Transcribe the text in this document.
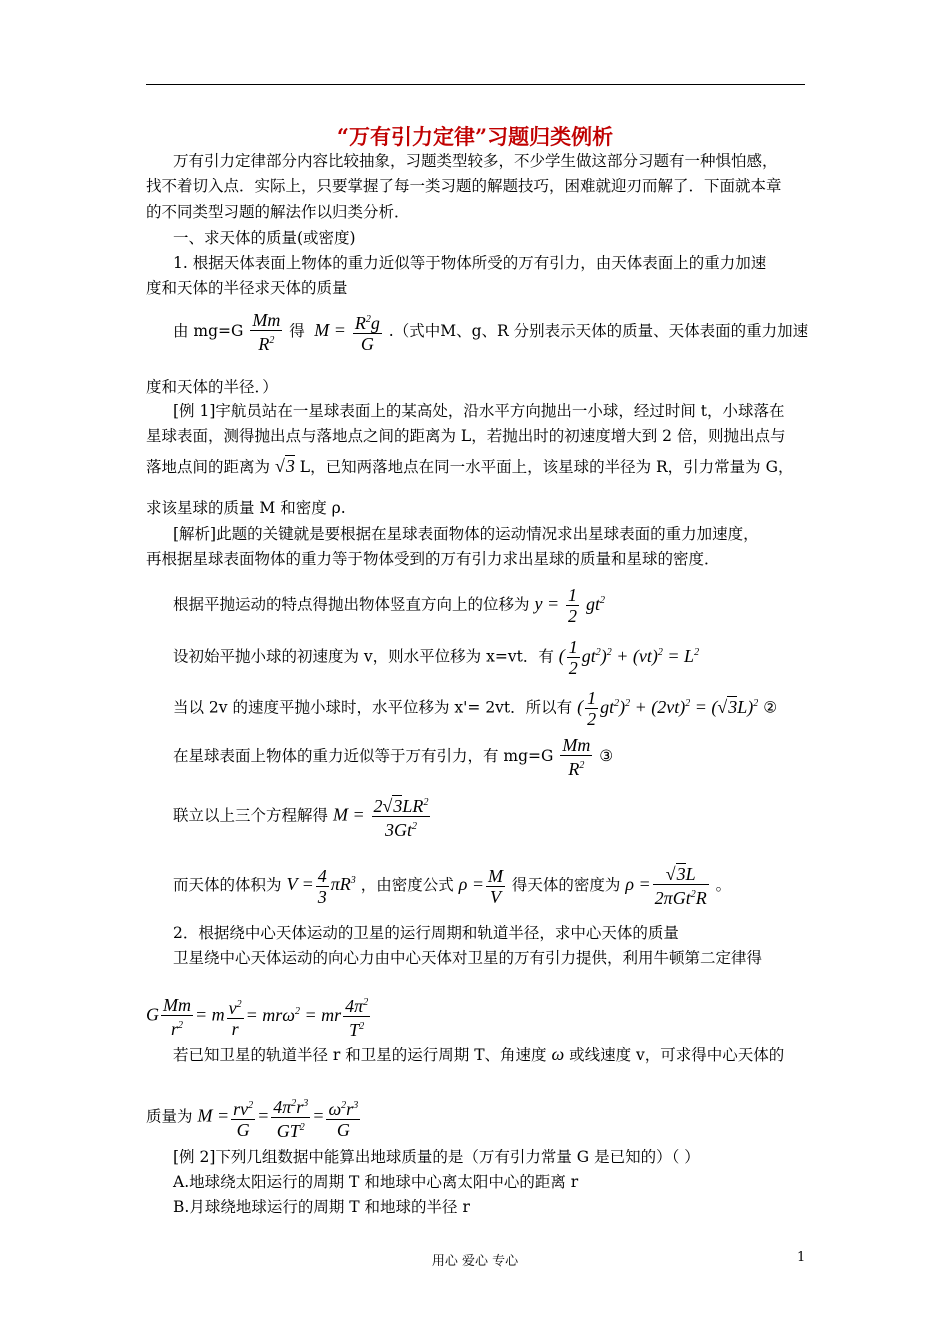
“万有引力定律”习题归类例析
万有引力定律部分内容比较抽象，习题类型较多，不少学生做这部分习题有一种惧怕感，
找不着切入点．实际上，只要掌握了每一类习题的解题技巧，困难就迎刃而解了．下面就本章
的不同类型习题的解法作以归类分析．
一、求天体的质量(或密度)
1. 根据天体表面上物体的重力近似等于物体所受的万有引力，由天体表面上的重力加速
度和天体的半径求天体的质量
由 $mg=G \frac{Mm}{R^2}$ 得  $M = \frac{R^2g}{G}$ .（式中M、g、R 分别表示天体的质量、天体表面的重力加速
度和天体的半径．）
[例 1]宇航员站在一星球表面上的某高处，沿水平方向抛出一小球，经过时间 t，小球落在
星球表面，测得抛出点与落地点之间的距离为 L，若抛出时的初速度增大到 2 倍，则抛出点与
落地点间的距离为 √3 L，已知两落地点在同一水平面上，该星球的半径为 R，引力常量为 G，
求该星球的质量 M 和密度 ρ.
[解析]此题的关键就是要根据在星球表面物体的运动情况求出星球表面的重力加速度，
再根据星球表面物体的重力等于物体受到的万有引力求出星球的质量和星球的密度．
根据平抛运动的特点得抛出物体竖直方向上的位移为 $y = \frac{1}{2} gt^2$
设初始平抛小球的初速度为 v，则水平位移为 x=vt．有 ( $\frac{1}{2} gt^2)^2 + (vt)^2 = L^2$
当以 2v 的速度平抛小球时，水平位移为 x'= 2vt．所以有 ( $\frac{1}{2} gt^2)^2 + (2vt)^2 = (√3L)^2$ ②
在星球表面上物体的重力近似等于万有引力，有 $mg=G \frac{Mm}{R^2}$ ③
联立以上三个方程解得 $M = \frac{2√3LR^2}{3Gt^2}$
而天体的体积为 $V = \frac{4}{3} \pi R^3$ ，由密度公式 $\rho = \frac{M}{V}$ 得天体的密度为 $\rho = \frac{√3L}{2\pi Gt^2R}$ 。
2．根据绕中心天体运动的卫星的运行周期和轨道半径，求中心天体的质量
卫星绕中心天体运动的向心力由中心天体对卫星的万有引力提供，利用牛顿第二定律得
G $\frac{Mm}{r^2} = m \frac{v^2}{r} = mr\omega^2$ = mr $\frac{4\pi^2}{T^2}$
若已知卫星的轨道半径 r 和卫星的运行周期 T、角速度 ω 或线速度 v，可求得中心天体的
质量为 $M = \frac{rv^2}{G} = \frac{4\pi^2r^3}{GT^2} = \frac{\omega^2r^3}{G}$
[例 2]下列几组数据中能算出地球质量的是（万有引力常量 G 是已知的）（ ）
A.地球绕太阳运行的周期 T 和地球中心离太阳中心的距离 r
B.月球绕地球运行的周期 T 和地球的半径 r
用心 爱心 专心	1
